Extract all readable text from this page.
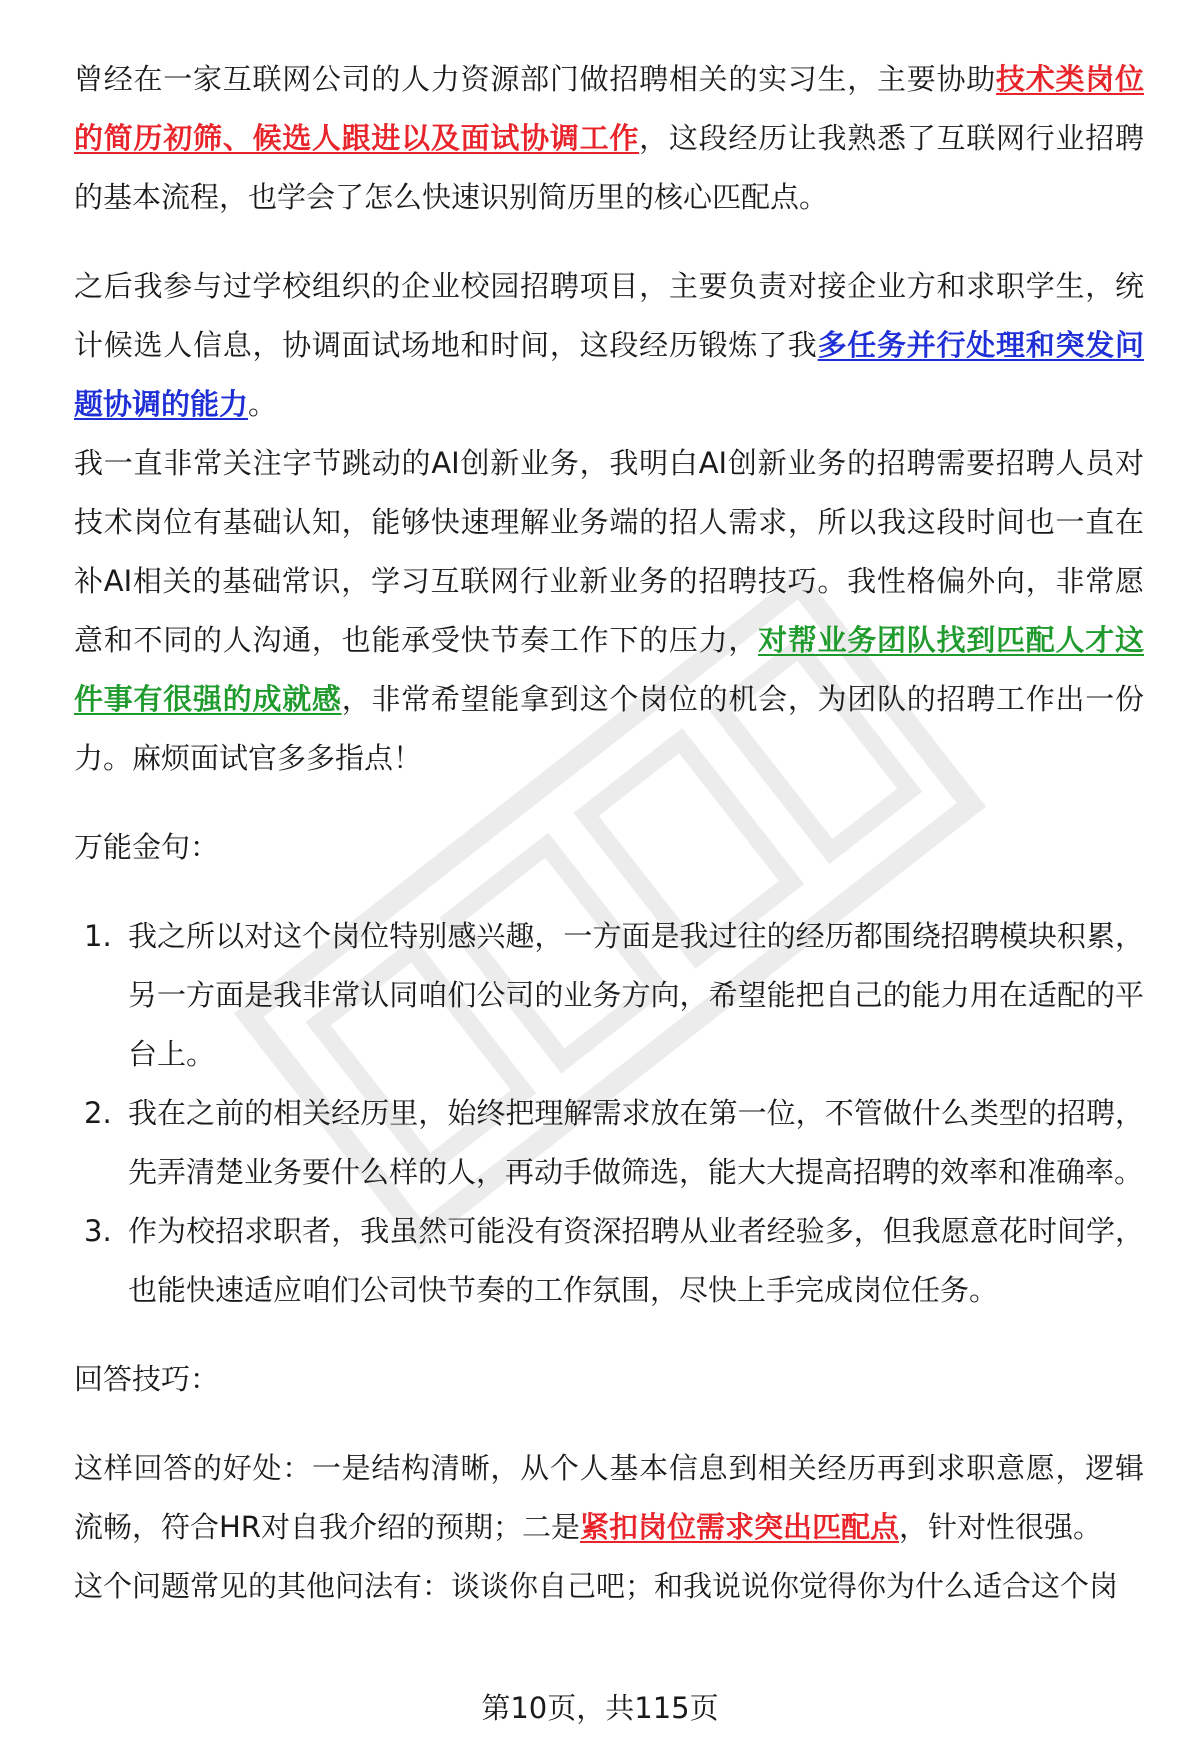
曾经在一家互联网公司的人力资源部门做招聘相关的实习生，主要协助技术类岗位的简历初筛、候选人跟进以及面试协调工作，这段经历让我熟悉了互联网行业招聘的基本流程，也学会了怎么快速识别简历里的核心匹配点。

之后我参与过学校组织的企业校园招聘项目，主要负责对接企业方和求职学生，统计候选人信息，协调面试场地和时间，这段经历锻炼了我多任务并行处理和突发问题协调的能力。

我一直非常关注字节跳动的AI创新业务，我明白AI创新业务的招聘需要招聘人员对技术岗位有基础认知，能够快速理解业务端的招人需求，所以我这段时间也一直在补AI相关的基础常识，学习互联网行业新业务的招聘技巧。我性格偏外向，非常愿意和不同的人沟通，也能承受快节奏工作下的压力，对帮业务团队找到匹配人才这件事有很强的成就感，非常希望能拿到这个岗位的机会，为团队的招聘工作出一份力。麻烦面试官多多指点！

万能金句：

1. 我之所以对这个岗位特别感兴趣，一方面是我过往的经历都围绕招聘模块积累，另一方面是我非常认同咱们公司的业务方向，希望能把自己的能力用在适配的平台上。
2. 我在之前的相关经历里，始终把理解需求放在第一位，不管做什么类型的招聘，先弄清楚业务要什么样的人，再动手做筛选，能大大提高招聘的效率和准确率。
3. 作为校招求职者，我虽然可能没有资深招聘从业者经验多，但我愿意花时间学，也能快速适应咱们公司快节奏的工作氛围，尽快上手完成岗位任务。

回答技巧：

这样回答的好处：一是结构清晰，从个人基本信息到相关经历再到求职意愿，逻辑流畅，符合HR对自我介绍的预期；二是紧扣岗位需求突出匹配点，针对性很强。

这个问题常见的其他问法有：谈谈你自己吧；和我说说你觉得你为什么适合这个岗

第10页，共115页
